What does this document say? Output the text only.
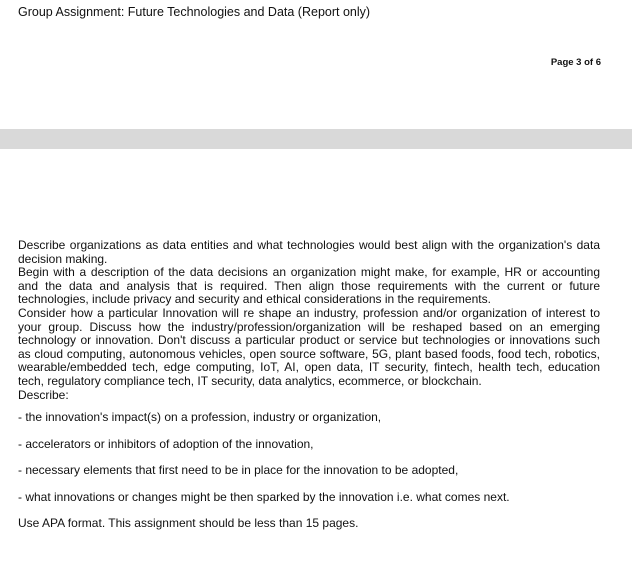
Group Assignment: Future Technologies and Data (Report only)
Page 3 of 6

Describe organizations as data entities and what technologies would best align with the organization's data decision making.

Begin with a description of the data decisions an organization might make, for example, HR or accounting and the data and analysis that is required. Then align those requirements with the current or future technologies, include privacy and security and ethical considerations in the requirements.

Consider how a particular Innovation will re shape an industry, profession and/or organization of interest to your group. Discuss how the industry/profession/organization will be reshaped based on an emerging technology or innovation. Don't discuss a particular product or service but technologies or innovations such as cloud computing, autonomous vehicles, open source software, 5G, plant based foods, food tech, robotics, wearable/embedded tech, edge computing, IoT, AI, open data, IT security, fintech, health tech, education tech, regulatory compliance tech, IT security, data analytics, ecommerce, or blockchain.

Describe:

- the innovation's impact(s) on a profession, industry or organization,
- accelerators or inhibitors of adoption of the innovation,
- necessary elements that first need to be in place for the innovation to be adopted,
- what innovations or changes might be then sparked by the innovation i.e. what comes next.
Use APA format. This assignment should be less than 15 pages.
